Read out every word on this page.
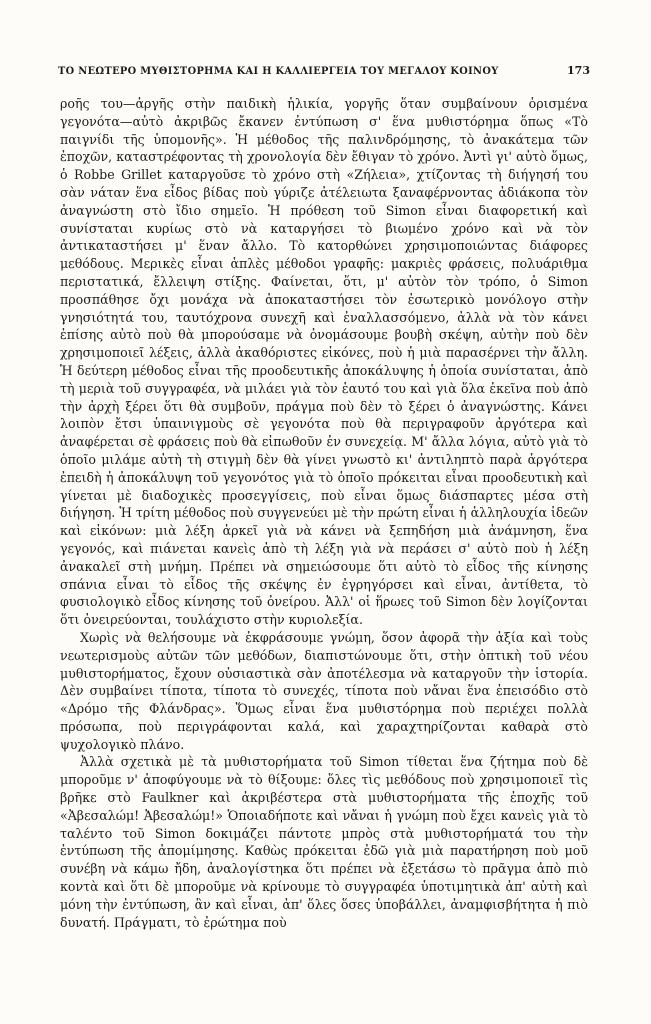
ΤΟ ΝΕΩΤΕΡΟ ΜΥΘΙΣΤΟΡΗΜΑ ΚΑΙ Η ΚΑΛΛΙΕΡΓΕΙΑ ΤΟΥ ΜΕΓΑΛΟΥ ΚΟΙΝΟΥ	173

ροῆς του—ἀργῆς στὴν παιδικὴ ἡλικία, γοργῆς ὅταν συμβαίνουν ὁρισμένα γεγονότα—αὐτὸ ἀκριβῶς ἔκανεν ἐντύπωση σ' ἕνα μυθιστόρημα ὅπως «Τὸ παιγνίδι τῆς ὑπομονῆς». Ἡ μέθοδος τῆς παλινδρόμησης, τὸ ἀνακάτεμα τῶν ἐποχῶν, καταστρέφοντας τὴ χρονολογία δὲν ἔθιγαν τὸ χρόνο. Ἀντὶ γι' αὐτὸ ὅμως, ὁ Robbe Grillet καταργοῦσε τὸ χρόνο στὴ «Ζήλεια», χτίζοντας τὴ διήγησή του σὰν νάταν ἕνα εἶδος βίδας ποὺ γύριζε ἀτέλειωτα ξαναφέρνοντας ἀδιάκοπα τὸν ἀναγνώστη στὸ ἴδιο σημεῖο. Ἡ πρόθεση τοῦ Simon εἶναι διαφορετική καὶ συνίσταται κυρίως στὸ νὰ καταργήσει τὸ βιωμένο χρόνο καὶ νὰ τὸν ἀντικαταστήσει μ' ἕναν ἄλλο. Τὸ κατορθώνει χρησιμοποιώντας διάφορες μεθόδους. Μερικὲς εἶναι ἁπλὲς μέθοδοι γραφῆς: μακριὲς φράσεις, πολυάριθμα περιστατικά, ἔλλειψη στίξης. Φαίνεται, ὅτι, μ' αὐτὸν τὸν τρόπο, ὁ Simon προσπάθησε ὄχι μονάχα νὰ ἀποκαταστήσει τὸν ἐσωτερικὸ μονόλογο στὴν γνησιότητά του, ταυτόχρονα συνεχῆ καὶ ἐναλλασσόμενο, ἀλλὰ νὰ τὸν κάνει ἐπίσης αὐτὸ ποὺ θὰ μπορούσαμε νὰ ὀνομάσουμε βουβὴ σκέψη, αὐτὴν ποὺ δὲν χρησιμοποιεῖ λέξεις, ἀλλὰ ἀκαθόριστες εἰκόνες, ποὺ ἡ μιὰ παρασέρνει τὴν ἄλλη. Ἡ δεύτερη μέθοδος εἶναι τῆς προοδευτικῆς ἀποκάλυψης ἡ ὁποία συνίσταται, ἀπὸ τὴ μεριὰ τοῦ συγγραφέα, νὰ μιλάει γιὰ τὸν ἑαυτό του καὶ γιὰ ὅλα ἐκεῖνα ποὺ ἀπὸ τὴν ἀρχὴ ξέρει ὅτι θὰ συμβοῦν, πράγμα ποὺ δὲν τὸ ξέρει ὁ ἀναγνώστης. Κάνει λοιπὸν ἔτσι ὑπαινιγμοὺς σὲ γεγονότα ποὺ θὰ περιγραφοῦν ἀργότερα καὶ ἀναφέρεται σὲ φράσεις ποὺ θὰ εἰπωθοῦν ἐν συνεχείᾳ. Μ' ἄλλα λόγια, αὐτὸ γιὰ τὸ ὁποῖο μιλάμε αὐτὴ τὴ στιγμὴ δὲν θὰ γίνει γνωστὸ κι' ἀντιληπτὸ παρὰ ἀργότερα ἐπειδὴ ἡ ἀποκάλυψη τοῦ γεγονότος γιὰ τὸ ὁποῖο πρόκειται εἶναι προοδευτικὴ καὶ γίνεται μὲ διαδοχικὲς προσεγγίσεις, ποὺ εἶναι ὅμως διάσπαρτες μέσα στὴ διήγηση. Ἡ τρίτη μέθοδος ποὺ συγγενεύει μὲ τὴν πρώτη εἶναι ἡ ἀλληλουχία ἰδεῶν καὶ εἰκόνων: μιὰ λέξη ἀρκεῖ γιὰ νὰ κάνει νὰ ξεπηδήση μιὰ ἀνάμνηση, ἕνα γεγονός, καὶ πιάνεται κανεὶς ἀπὸ τὴ λέξη γιὰ νὰ περάσει σ' αὐτὸ ποὺ ἡ λέξη ἀνακαλεῖ στὴ μνήμη. Πρέπει νὰ σημειώσουμε ὅτι αὐτὸ τὸ εἶδος τῆς κίνησης σπάνια εἶναι τὸ εἶδος τῆς σκέψης ἐν ἐγρηγόρσει καὶ εἶναι, ἀντίθετα, τὸ φυσιολογικὸ εἶδος κίνησης τοῦ ὀνείρου. Ἀλλ' οἱ ἥρωες τοῦ Simon δὲν λογίζονται ὅτι ὀνειρεύονται, τουλάχιστο στὴν κυριολεξία.

Χωρὶς νὰ θελήσουμε νὰ ἐκφράσουμε γνώμη, ὅσον ἀφορᾶ τὴν ἀξία καὶ τοὺς νεωτερισμοὺς αὐτῶν τῶν μεθόδων, διαπιστώνουμε ὅτι, στὴν ὀπτικὴ τοῦ νέου μυθιστορήματος, ἔχουν οὐσιαστικὰ σὰν ἀποτέλεσμα νὰ καταργοῦν τὴν ἱστορία. Δὲν συμβαίνει τίποτα, τίποτα τὸ συνεχές, τίποτα ποὺ νἄναι ἕνα ἐπεισόδιο στὸ «Δρόμο τῆς Φλάνδρας». Ὅμως εἶναι ἕνα μυθιστόρημα ποὺ περιέχει πολλὰ πρόσωπα, ποὺ περιγράφονται καλά, καὶ χαραχτηρίζονται καθαρὰ στὸ ψυχολογικὸ πλάνο.

Ἀλλὰ σχετικὰ μὲ τὰ μυθιστορήματα τοῦ Simon τίθεται ἕνα ζήτημα ποὺ δὲ μποροῦμε ν' ἀποφύγουμε νὰ τὸ θίξουμε: ὅλες τὶς μεθόδους ποὺ χρησιμοποιεῖ τὶς βρῆκε στὸ Faulkner καὶ ἀκριβέστερα στὰ μυθιστορήματα τῆς ἐποχῆς τοῦ «Ἀβεσαλώμ! Ἀβεσαλώμ!» Ὁποιαδήποτε καὶ νἄναι ἡ γνώμη ποὺ ἔχει κανεὶς γιὰ τὸ ταλέντο τοῦ Simon δοκιμάζει πάντοτε μπρὸς στὰ μυθιστορήματά του τὴν ἐντύπωση τῆς ἀπομίμησης. Καθὼς πρόκειται ἐδῶ γιὰ μιὰ παρατήρηση ποὺ μοῦ συνέβη νὰ κάμω ἤδη, ἀναλογίστηκα ὅτι πρέπει νὰ ἐξετάσω τὸ πρᾶγμα ἀπὸ πιὸ κοντὰ καὶ ὅτι δὲ μποροῦμε νὰ κρίνουμε τὸ συγγραφέα ὑποτιμητικὰ ἀπ' αὐτὴ καὶ μόνη τὴν ἐντύπωση, ἂν καὶ εἶναι, ἀπ' ὅλες ὅσες ὑποβάλλει, ἀναμφισβήτητα ἡ πιὸ δυνατή. Πράγματι, τὸ ἐρώτημα ποὺ
